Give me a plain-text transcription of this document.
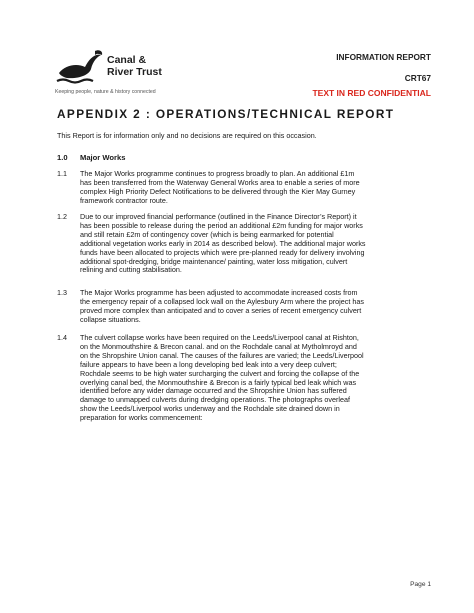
Canal &
River Trust
Keeping people, nature & history connected
INFORMATION REPORT
CRT67
TEXT IN RED CONFIDENTIAL
APPENDIX 2 : OPERATIONS/TECHNICAL REPORT
This Report is for information only and no decisions are required on this occasion.
1.0 Major Works
1.1 The Major Works programme continues to progress broadly to plan. An additional £1m
has been transferred from the Waterway General Works area to enable a series of more
complex High Priority Defect Notifications to be delivered through the Kier May Gurney
framework contractor route.
1.2 Due to our improved financial performance (outlined in the Finance Director’s Report) it
has been possible to release during the period an additional £2m funding for major works
and still retain £2m of contingency cover (which is being earmarked for potential
additional vegetation works early in 2014 as described below). The additional major works
funds have been allocated to projects which were pre-planned ready for delivery involving
additional spot-dredging, bridge maintenance/ painting, water loss mitigation, culvert
relining and cutting stabilisation.
1.3 The Major Works programme has been adjusted to accommodate increased costs from
the emergency repair of a collapsed lock wall on the Aylesbury Arm where the project has
proved more complex than anticipated and to cover a series of recent emergency culvert
collapse situations.
1.4 The culvert collapse works have been required on the Leeds/Liverpool canal at Rishton,
on the Monmouthshire & Brecon canal. and on the Rochdale canal at Mytholmroyd and
on the Shropshire Union canal. The causes of the failures are varied; the Leeds/Liverpool
failure appears to have been a long developing bed leak into a very deep culvert;
Rochdale seems to be high water surcharging the culvert and forcing the collapse of the
overlying canal bed, the Monmouthshire & Brecon is a fairly typical bed leak which was
identified before any wider damage occurred and the Shropshire Union has suffered
damage to unmapped culverts during dredging operations. The photographs overleaf
show the Leeds/Liverpool works underway and the Rochdale site drained down in
preparation for works commencement:
Page 1
